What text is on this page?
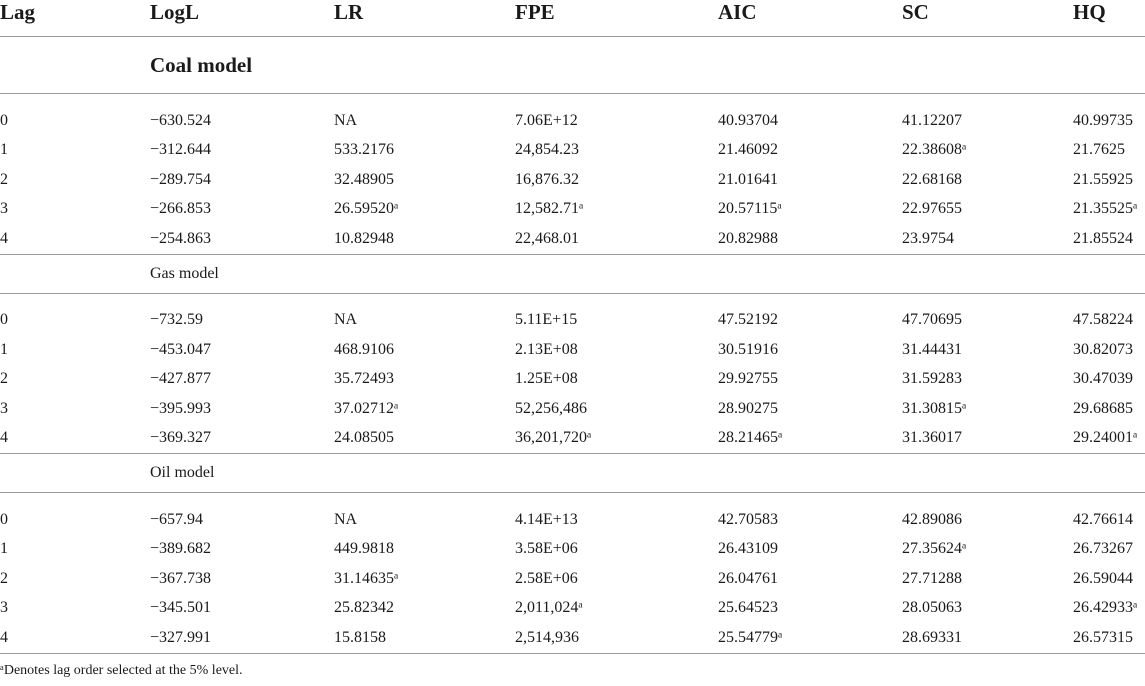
Lag	LogL	LR	FPE	AIC	SC	HQ
	Coal model					

0	−630.524	NA	7.06E+12	40.93704	41.12207	40.99735
1	−312.644	533.2176	24,854.23	21.46092	22.38608ᵃ	21.7625
2	−289.754	32.48905	16,876.32	21.01641	22.68168	21.55925
3	−266.853	26.59520ᵃ	12,582.71ᵃ	20.57115ᵃ	22.97655	21.35525ᵃ
4	−254.863	10.82948	22,468.01	20.82988	23.9754	21.85524
	Gas model					

0	−732.59	NA	5.11E+15	47.52192	47.70695	47.58224
1	−453.047	468.9106	2.13E+08	30.51916	31.44431	30.82073
2	−427.877	35.72493	1.25E+08	29.92755	31.59283	30.47039
3	−395.993	37.02712ᵃ	52,256,486	28.90275	31.30815ᵃ	29.68685
4	−369.327	24.08505	36,201,720ᵃ	28.21465ᵃ	31.36017	29.24001ᵃ
	Oil model					

0	−657.94	NA	4.14E+13	42.70583	42.89086	42.76614
1	−389.682	449.9818	3.58E+06	26.43109	27.35624ᵃ	26.73267
2	−367.738	31.14635ᵃ	2.58E+06	26.04761	27.71288	26.59044
3	−345.501	25.82342	2,011,024ᵃ	25.64523	28.05063	26.42933ᵃ
4	−327.991	15.8158	2,514,936	25.54779ᵃ	28.69331	26.57315
ᵃDenotes lag order selected at the 5% level.
